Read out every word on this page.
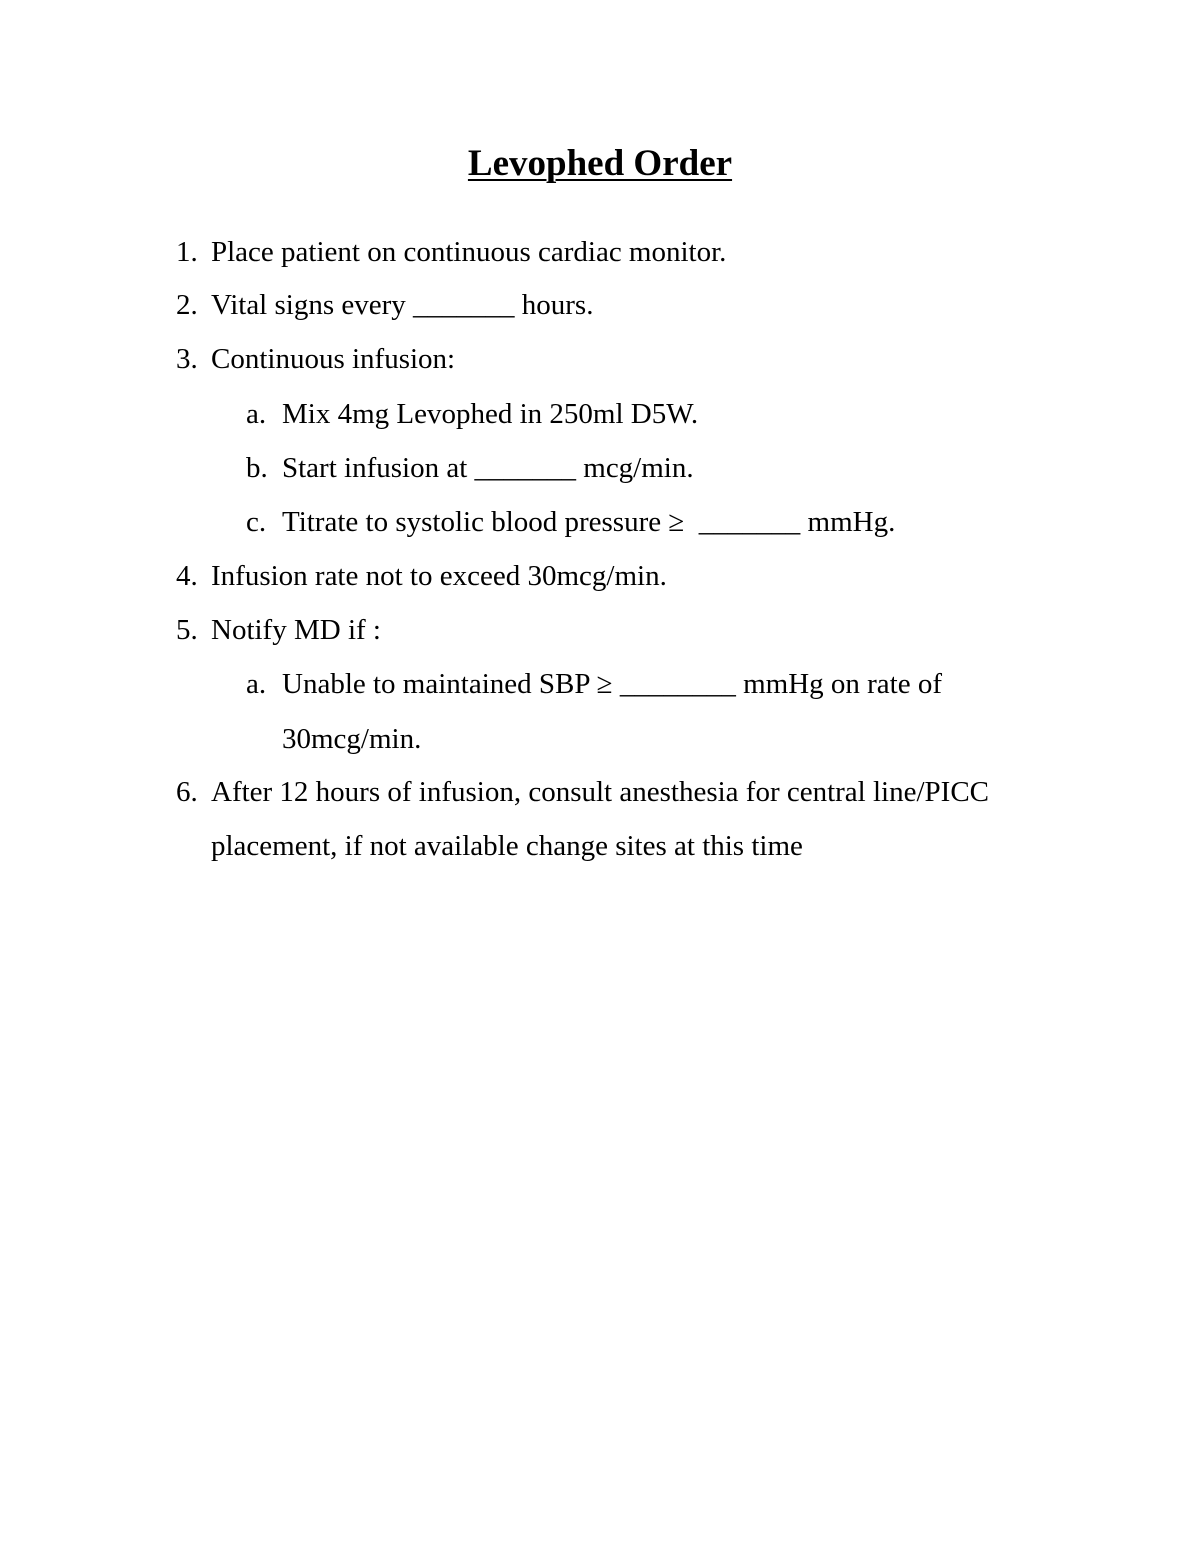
Levophed Order
1. Place patient on continuous cardiac monitor.
2. Vital signs every _______ hours.
3. Continuous infusion:
a. Mix 4mg Levophed in 250ml D5W.
b. Start infusion at _______ mcg/min.
c. Titrate to systolic blood pressure ≥  _______ mmHg.
4. Infusion rate not to exceed 30mcg/min.
5. Notify MD if :
a. Unable to maintained SBP ≥ ________ mmHg on rate of
30mcg/min.
6. After 12 hours of infusion, consult anesthesia for central line/PICC
placement, if not available change sites at this time
